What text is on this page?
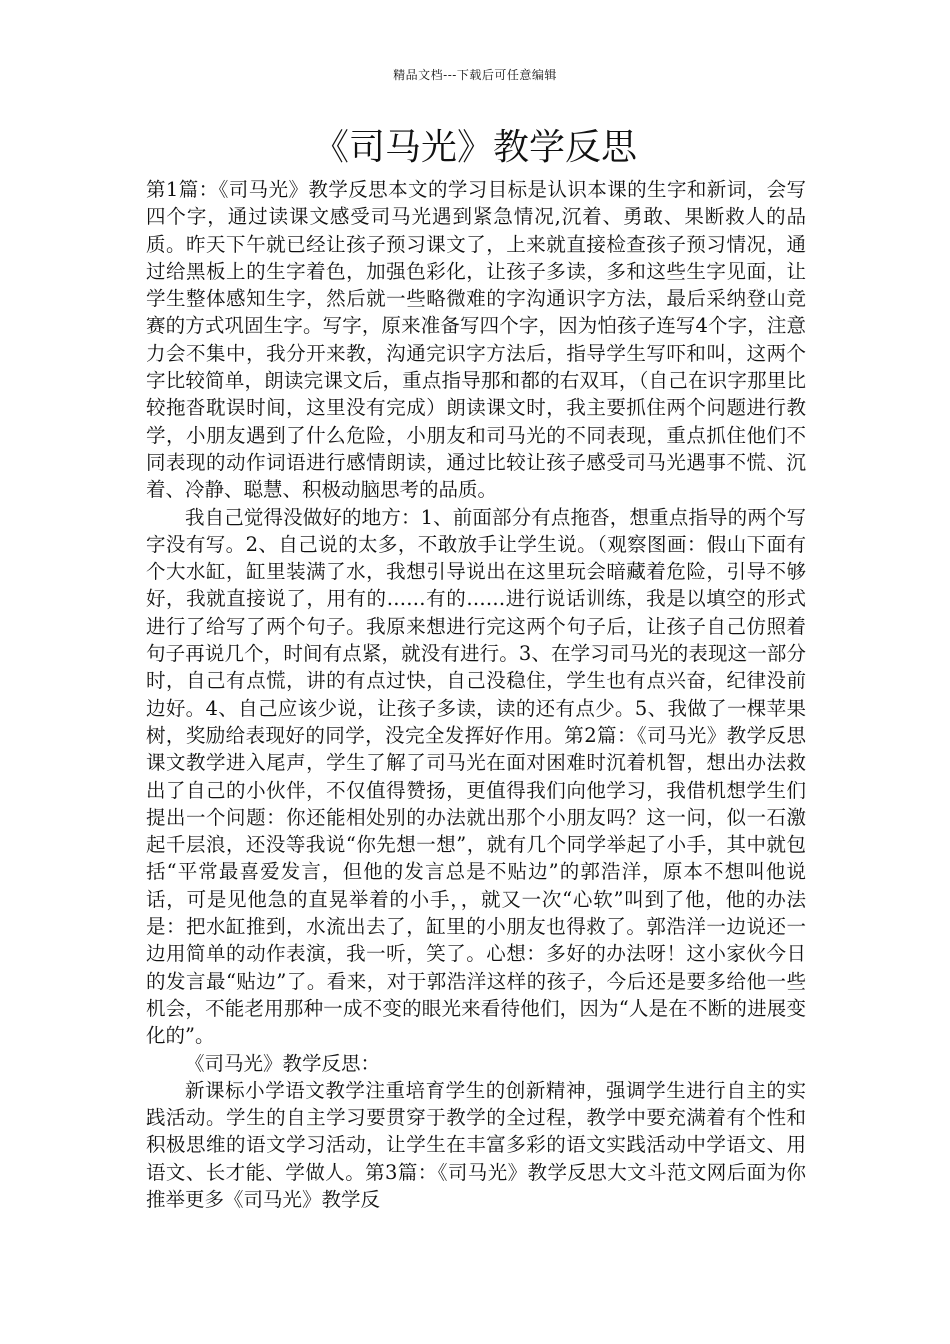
精品文档---下载后可任意编辑
《司马光》教学反思

第1篇：《司马光》教学反思本文的学习目标是认识本课的生字和新词，会写四个字，通过读课文感受司马光遇到紧急情况,沉着、勇敢、果断救人的品质。昨天下午就已经让孩子预习课文了，上来就直接检查孩子预习情况，通过给黑板上的生字着色，加强色彩化，让孩子多读，多和这些生字见面，让学生整体感知生字，然后就一些略微难的字沟通识字方法，最后采纳登山竞赛的方式巩固生字。写字，原来准备写四个字，因为怕孩子连写4个字，注意力会不集中，我分开来教，沟通完识字方法后，指导学生写吓和叫，这两个字比较简单，朗读完课文后，重点指导那和都的右双耳，（自己在识字那里比较拖沓耽误时间，这里没有完成）朗读课文时，我主要抓住两个问题进行教学，小朋友遇到了什么危险，小朋友和司马光的不同表现，重点抓住他们不同表现的动作词语进行感情朗读，通过比较让孩子感受司马光遇事不慌、沉着、冷静、聪慧、积极动脑思考的品质。

我自己觉得没做好的地方：1、前面部分有点拖沓，想重点指导的两个写字没有写。2、自己说的太多，不敢放手让学生说。（观察图画：假山下面有个大水缸，缸里装满了水，我想引导说出在这里玩会暗藏着危险，引导不够好，我就直接说了，用有的……有的……进行说话训练，我是以填空的形式进行了给写了两个句子。我原来想进行完这两个句子后，让孩子自己仿照着句子再说几个，时间有点紧，就没有进行。3、在学习司马光的表现这一部分时，自己有点慌，讲的有点过快，自己没稳住，学生也有点兴奋，纪律没前边好。4、自己应该少说，让孩子多读，读的还有点少。5、我做了一棵苹果树，奖励给表现好的同学，没完全发挥好作用。第2篇：《司马光》教学反思课文教学进入尾声，学生了解了司马光在面对困难时沉着机智，想出办法救出了自己的小伙伴，不仅值得赞扬，更值得我们向他学习，我借机想学生们提出一个问题：你还能相处别的办法就出那个小朋友吗？这一问，似一石激起千层浪，还没等我说“你先想一想”，就有几个同学举起了小手，其中就包括“平常最喜爱发言，但他的发言总是不贴边”的郭浩洋，原本不想叫他说话，可是见他急的直晃举着的小手，，就又一次“心软”叫到了他，他的办法是：把水缸推到，水流出去了，缸里的小朋友也得救了。郭浩洋一边说还一边用简单的动作表演，我一听，笑了。心想：多好的办法呀！这小家伙今日的发言最“贴边”了。看来，对于郭浩洋这样的孩子，今后还是要多给他一些机会，不能老用那种一成不变的眼光来看待他们，因为“人是在不断的进展变化的”。

《司马光》教学反思：

新课标小学语文教学注重培育学生的创新精神，强调学生进行自主的实践活动。学生的自主学习要贯穿于教学的全过程，教学中要充满着有个性和积极思维的语文学习活动，让学生在丰富多彩的语文实践活动中学语文、用语文、长才能、学做人。第3篇：《司马光》教学反思大文斗范文网后面为你推举更多《司马光》教学反
